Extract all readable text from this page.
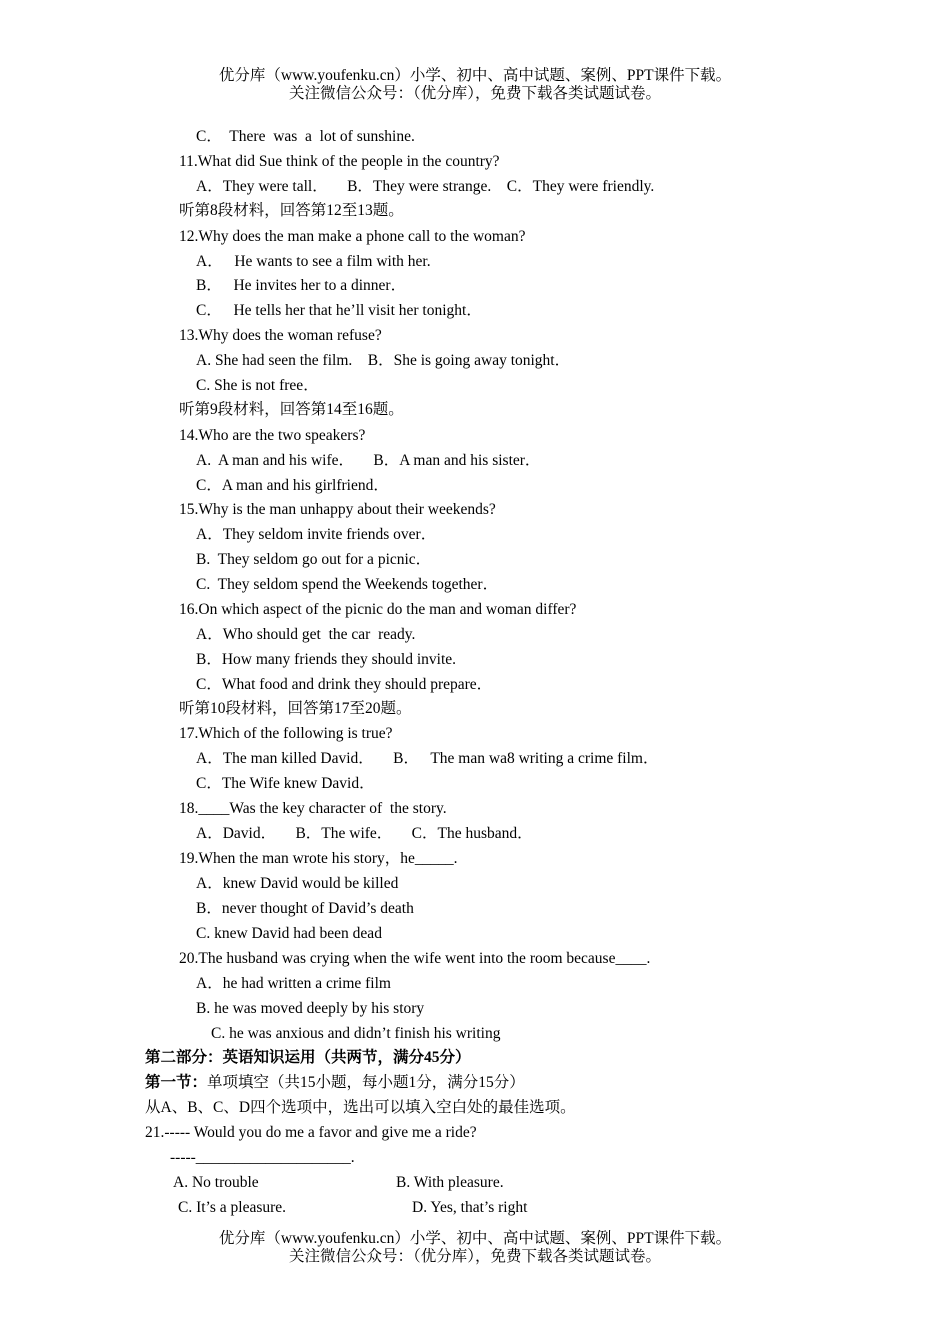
优分库（www.youfenku.cn）小学、初中、高中试题、案例、PPT课件下载。
关注微信公众号：（优分库），免费下载各类试题试卷。
C．  There  was  a  lot of sunshine.
11.What did Sue think of the people in the country?
A．They were tall．     B．They were strange.    C．They were friendly.
听第8段材料，回答第12至13题。
12.Why does the man make a phone call to the woman?
A．   He wants to see a film with her.
B．   He invites her to a dinner．
C．   He tells her that he’ll visit her tonight．
13.Why does the woman refuse?
A. She had seen the film.    B．She is going away tonight．
C. She is not free．
听第9段材料，回答第14至16题。
14.Who are the two speakers?
A.  A man and his wife．     B．A man and his sister．
C．A man and his girlfriend．
15.Why is the man unhappy about their weekends?
A．They seldom invite friends over．
B.  They seldom go out for a picnic．
C.  They seldom spend the Weekends together．
16.On which aspect of the picnic do the man and woman differ?
A．Who should get  the car  ready.
B．How many friends they should invite.
C．What food and drink they should prepare．
听第10段材料，回答第17至20题。
17.Which of the following is true?
A．The man killed David．     B．   The man wa8 writing a crime film．
C．The Wife knew David．
18.____Was the key character of  the story.
A．David．     B．The wife．     C．The husband．
19.When the man wrote his story，he_____.
A．knew David would be killed
B．never thought of David’s death
C. knew David had been dead
20.The husband was crying when the wife went into the room because____.
A．he had written a crime film
B. he was moved deeply by his story
C. he was anxious and didn’t finish his writing
第二部分：英语知识运用（共两节，满分45分）
第一节：单项填空（共15小题，每小题1分，满分15分）
从A、B、C、D四个选项中，选出可以填入空白处的最佳选项。
21.----- Would you do me a favor and give me a ride?
-----____________________.
A. No trouble	B. With pleasure.
C. It’s a pleasure.	D. Yes, that’s right
优分库（www.youfenku.cn）小学、初中、高中试题、案例、PPT课件下载。
关注微信公众号：（优分库），免费下载各类试题试卷。
